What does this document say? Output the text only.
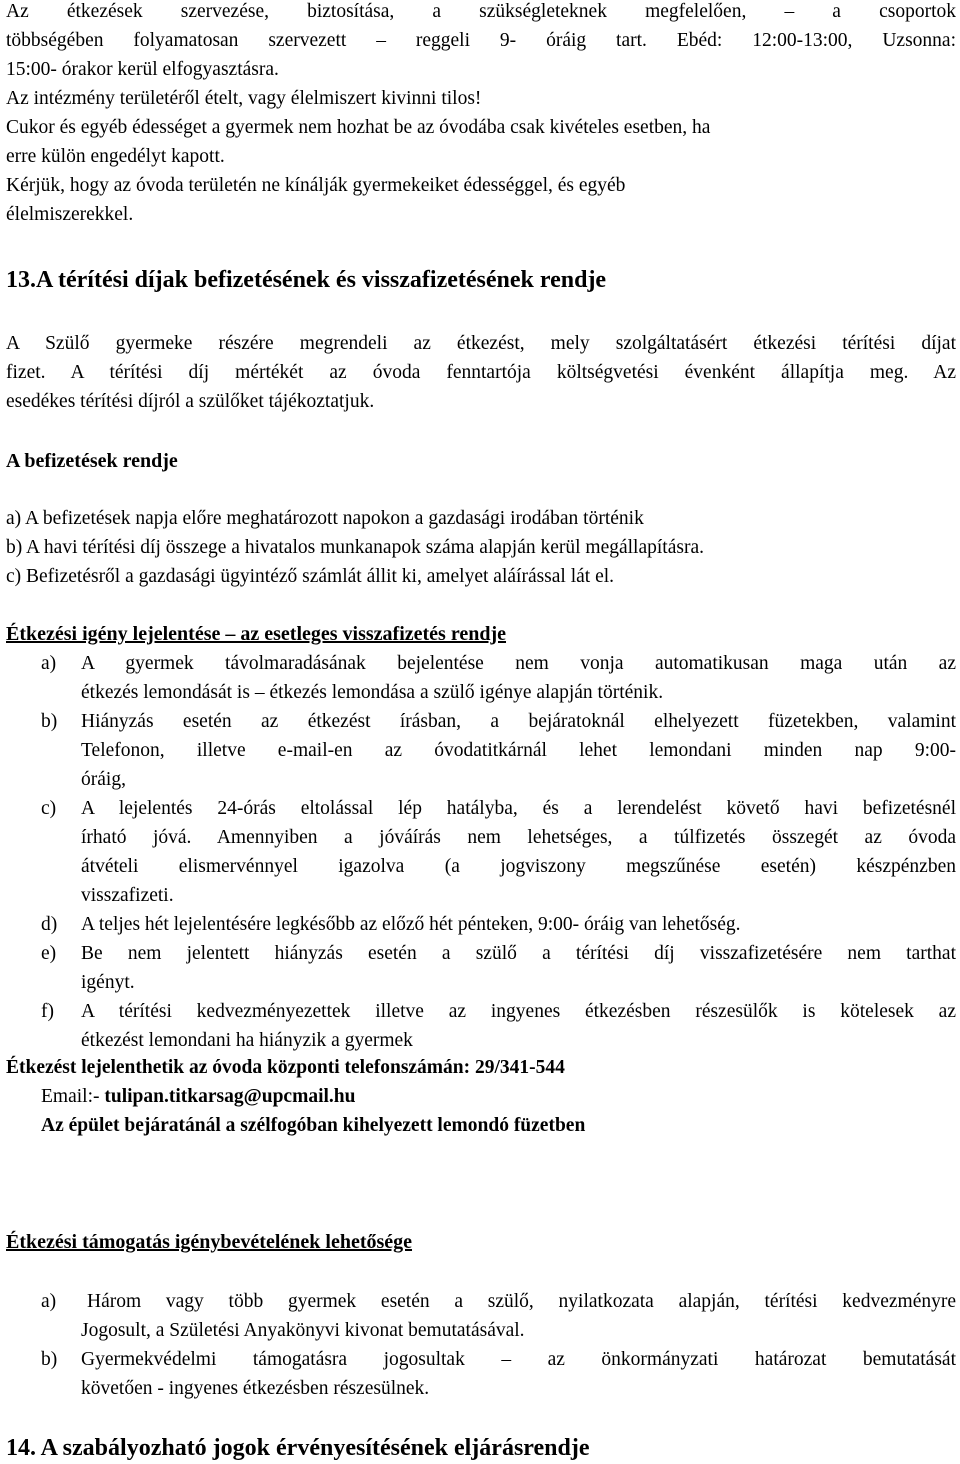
Az étkezések szervezése, biztosítása, a szükségleteknek megfelelően, – a csoportok
többségében folyamatosan szervezett – reggeli 9- óráig tart. Ebéd: 12:00-13:00, Uzsonna:
15:00- órakor kerül elfogyasztásra.
Az intézmény területéről ételt, vagy élelmiszert kivinni tilos!
Cukor és egyéb édességet a gyermek nem hozhat be az óvodába csak kivételes esetben, ha
erre külön engedélyt kapott.
Kérjük, hogy az óvoda területén ne kínálják gyermekeiket édességgel, és egyéb
élelmiszerekkel.
13.A térítési díjak befizetésének és visszafizetésének rendje
A Szülő gyermeke részére megrendeli az étkezést, mely szolgáltatásért étkezési térítési díjat
fizet. A térítési díj mértékét az óvoda fenntartója költségvetési évenként állapítja meg. Az
esedékes térítési díjról a szülőket tájékoztatjuk.
A befizetések rendje
a) A befizetések napja előre meghatározott napokon a gazdasági irodában történik
b) A havi térítési díj összege a hivatalos munkanapok száma alapján kerül megállapításra.
c) Befizetésről a gazdasági ügyintéző számlát állit ki, amelyet aláírással lát el.
Étkezési igény lejelentése – az esetleges visszafizetés rendje
a) A gyermek távolmaradásának bejelentése nem vonja automatikusan maga után az
étkezés lemondását is – étkezés lemondása a szülő igénye alapján történik.
b) Hiányzás esetén az étkezést írásban, a bejáratoknál elhelyezett füzetekben, valamint
Telefonon, illetve e-mail-en az óvodatitkárnál lehet lemondani minden nap 9:00-
óráig,
c) A lejelentés 24-órás eltolással lép hatályba, és a lerendelést követő havi befizetésnél
írható jóvá. Amennyiben a jóváírás nem lehetséges, a túlfizetés összegét az óvoda
átvételi elismervénnyel igazolva (a jogviszony megszűnése esetén) készpénzben
visszafizeti.
d) A teljes hét lejelentésére legkésőbb az előző hét pénteken, 9:00- óráig van lehetőség.
e) Be nem jelentett hiányzás esetén a szülő a térítési díj visszafizetésére nem tarthat
igényt.
f) A térítési kedvezményezettek illetve az ingyenes étkezésben részesülők is kötelesek az
étkezést lemondani ha hiányzik a gyermek
Étkezést lejelenthetik az óvoda központi telefonszámán: 29/341-544
Email:- tulipan.titkarsag@upcmail.hu
Az épület bejáratánál a szélfogóban kihelyezett lemondó füzetben
Étkezési támogatás igénybevételének lehetősége
a)	Három vagy több gyermek esetén a szülő, nyilatkozata alapján, térítési kedvezményre
Jogosult, a Születési Anyakönyvi kivonat bemutatásával.
b) Gyermekvédelmi támogatásra jogosultak – az önkormányzati határozat bemutatását
követően - ingyenes étkezésben részesülnek.
14. A szabályozható jogok érvényesítésének eljárásrendje
